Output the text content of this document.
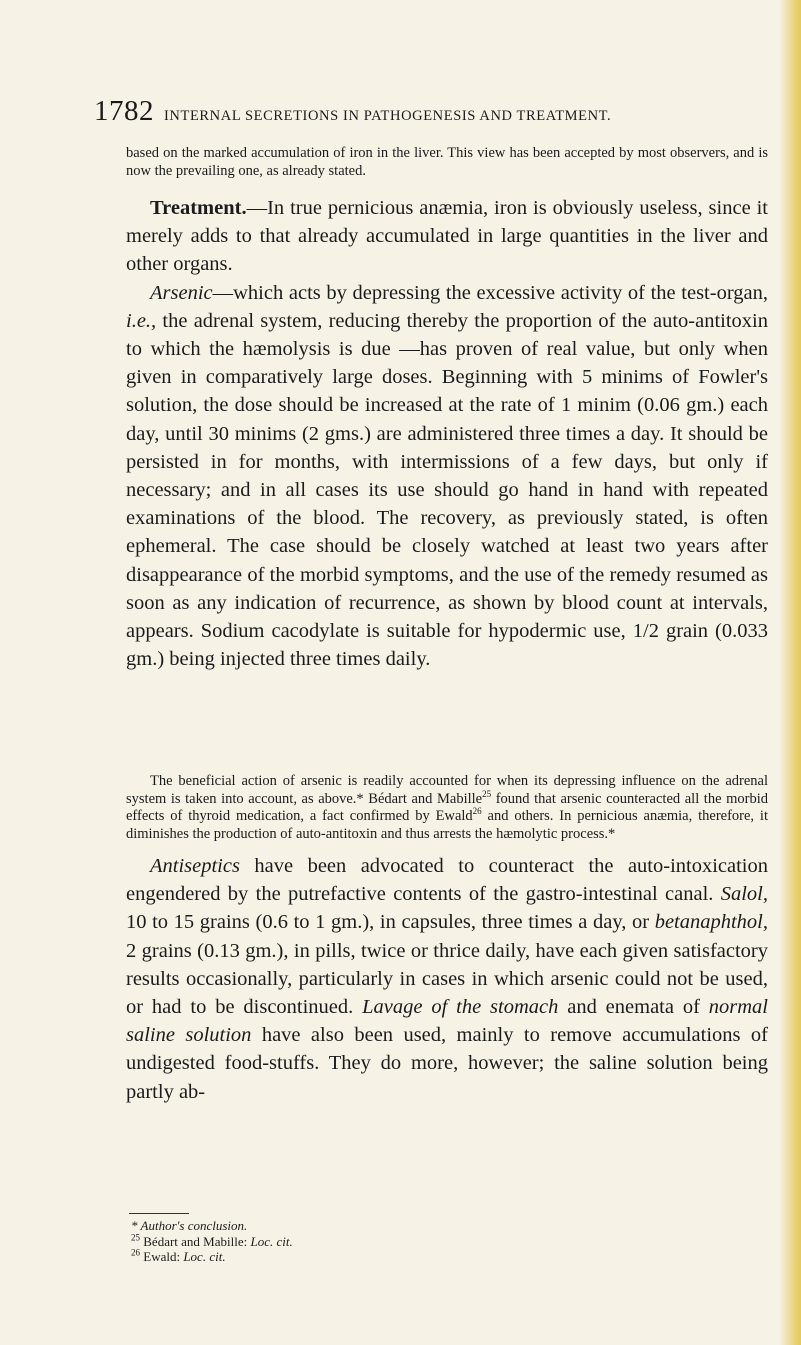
1782 INTERNAL SECRETIONS IN PATHOGENESIS AND TREATMENT.

based on the marked accumulation of iron in the liver. This view has been accepted by most observers, and is now the prevailing one, as already stated.

Treatment.—In true pernicious anæmia, iron is obviously useless, since it merely adds to that already accumulated in large quantities in the liver and other organs.

Arsenic—which acts by depressing the excessive activity of the test-organ, i.e., the adrenal system, reducing thereby the proportion of the auto-antitoxin to which the hæmolysis is due —has proven of real value, but only when given in comparatively large doses. Beginning with 5 minims of Fowler's solution, the dose should be increased at the rate of 1 minim (0.06 gm.) each day, until 30 minims (2 gms.) are administered three times a day. It should be persisted in for months, with intermissions of a few days, but only if necessary; and in all cases its use should go hand in hand with repeated examinations of the blood. The recovery, as previously stated, is often ephemeral. The case should be closely watched at least two years after disappearance of the morbid symptoms, and the use of the remedy resumed as soon as any indication of recurrence, as shown by blood count at intervals, appears. Sodium cacodylate is suitable for hypodermic use, 1/2 grain (0.033 gm.) being injected three times daily.

The beneficial action of arsenic is readily accounted for when its depressing influence on the adrenal system is taken into account, as above.* Bédart and Mabille$^{25}$ found that arsenic counteracted all the morbid effects of thyroid medication, a fact confirmed by Ewald$^{26}$ and others. In pernicious anæmia, therefore, it diminishes the production of auto-antitoxin and thus arrests the hæmolytic process.*

Antiseptics have been advocated to counteract the auto-intoxication engendered by the putrefactive contents of the gastro-intestinal canal. Salol, 10 to 15 grains (0.6 to 1 gm.), in capsules, three times a day, or betanaphthol, 2 grains (0.13 gm.), in pills, twice or thrice daily, have each given satisfactory results occasionally, particularly in cases in which arsenic could not be used, or had to be discontinued. Lavage of the stomach and enemata of normal saline solution have also been used, mainly to remove accumulations of undigested food-stuffs. They do more, however; the saline solution being partly ab-

* Author's conclusion.
$^{25}$ Bédart and Mabille: Loc. cit.
$^{26}$ Ewald: Loc. cit.
